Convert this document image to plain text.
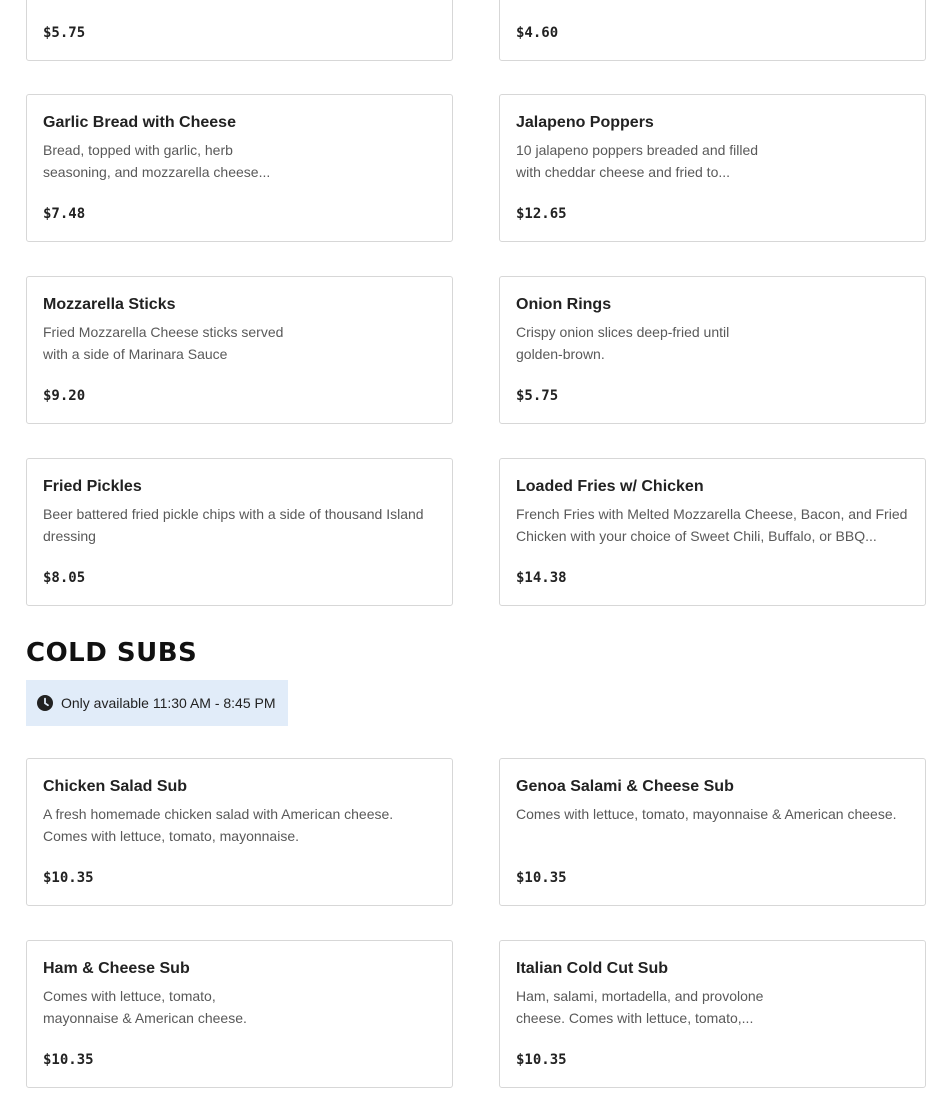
$5.75	$4.60
Garlic Bread with Cheese
Bread, topped with garlic, herb seasoning, and mozzarella cheese...
$7.48
Jalapeno Poppers
10 jalapeno poppers breaded and filled with cheddar cheese and fried to...
$12.65
Mozzarella Sticks
Fried Mozzarella Cheese sticks served with a side of Marinara Sauce
$9.20
Onion Rings
Crispy onion slices deep-fried until golden-brown.
$5.75
Fried Pickles
Beer battered fried pickle chips with a side of thousand Island dressing
$8.05
Loaded Fries w/ Chicken
French Fries with Melted Mozzarella Cheese, Bacon, and Fried Chicken with your choice of Sweet Chili, Buffalo, or BBQ...
$14.38
COLD SUBS
Only available 11:30 AM - 8:45 PM
Chicken Salad Sub
A fresh homemade chicken salad with American cheese. Comes with lettuce, tomato, mayonnaise.
$10.35
Genoa Salami & Cheese Sub
Comes with lettuce, tomato, mayonnaise & American cheese.
$10.35
Ham & Cheese Sub
Comes with lettuce, tomato, mayonnaise & American cheese.
$10.35
Italian Cold Cut Sub
Ham, salami, mortadella, and provolone cheese. Comes with lettuce, tomato,...
$10.35
